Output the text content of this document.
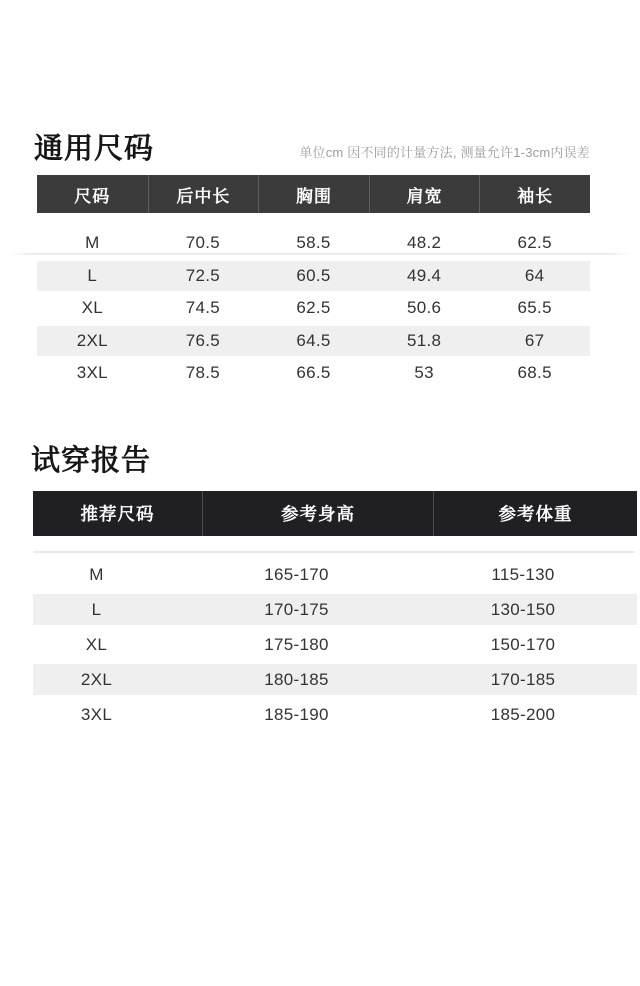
通用尺码	单位cm 因不同的计量方法, 测量允许1-3cm内误差
尺码	后中长	胸围	肩宽	袖长
M	70.5	58.5	48.2	62.5
L	72.5	60.5	49.4	64
XL	74.5	62.5	50.6	65.5
2XL	76.5	64.5	51.8	67
3XL	78.5	66.5	53	68.5
试穿报告
推荐尺码	参考身高	参考体重
M	165-170	115-130
L	170-175	130-150
XL	175-180	150-170
2XL	180-185	170-185
3XL	185-190	185-200
